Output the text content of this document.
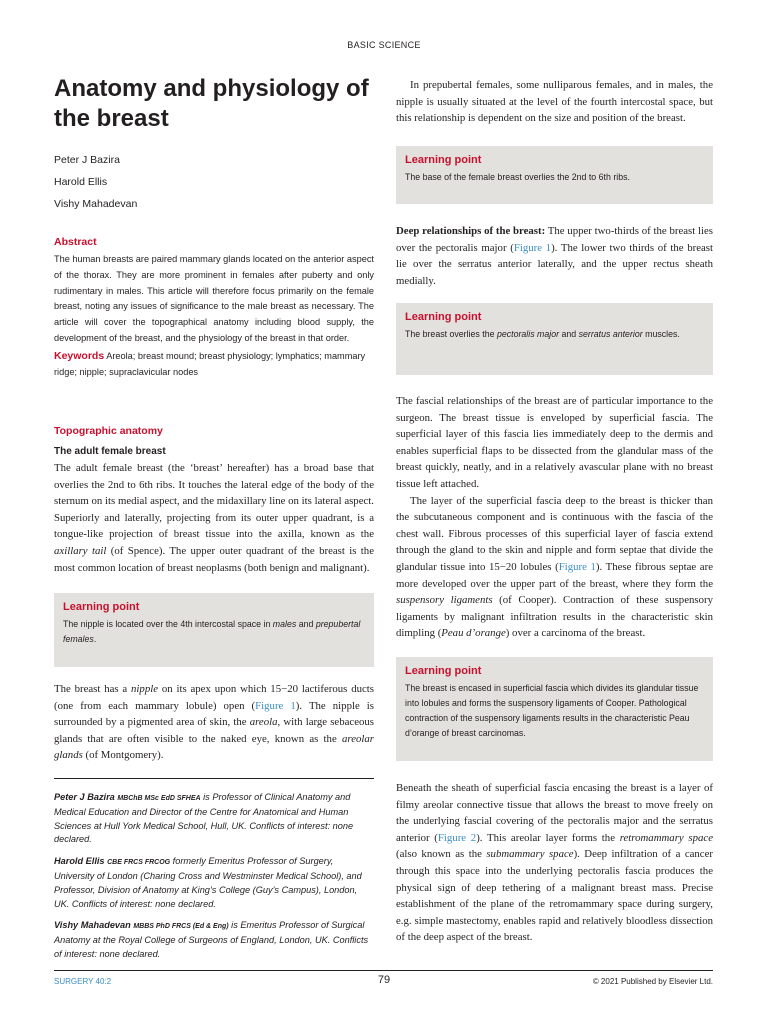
BASIC SCIENCE
Anatomy and physiology of the breast
Peter J Bazira
Harold Ellis
Vishy Mahadevan
Abstract

The human breasts are paired mammary glands located on the anterior aspect of the thorax. They are more prominent in females after puberty and only rudimentary in males. This article will therefore focus primarily on the female breast, noting any issues of significance to the male breast as necessary. The article will cover the topographical anatomy including blood supply, the development of the breast, and the physiology of the breast in that order.

Keywords Areola; breast mound; breast physiology; lymphatics; mammary ridge; nipple; supraclavicular nodes
Topographic anatomy
The adult female breast

The adult female breast (the ‘breast’ hereafter) has a broad base that overlies the 2nd to 6th ribs. It touches the lateral edge of the body of the sternum on its medial aspect, and the midaxillary line on its lateral aspect. Superiorly and laterally, projecting from its outer upper quadrant, is a tongue-like projection of breast tissue into the axilla, known as the axillary tail (of Spence). The upper outer quadrant of the breast is the most common location of breast neoplasms (both benign and malignant).

Learning point
The nipple is located over the 4th intercostal space in males and prepubertal females.

The breast has a nipple on its apex upon which 15−20 lactiferous ducts (one from each mammary lobule) open (Figure 1). The nipple is surrounded by a pigmented area of skin, the areola, with large sebaceous glands that are often visible to the naked eye, known as the areolar glands (of Montgomery).

Peter J Bazira MBChB MSc EdD SFHEA is Professor of Clinical Anatomy and Medical Education and Director of the Centre for Anatomical and Human Sciences at Hull York Medical School, Hull, UK. Conflicts of interest: none declared.
Harold Ellis CBE FRCS FRCOG formerly Emeritus Professor of Surgery, University of London (Charing Cross and Westminster Medical School), and Professor, Division of Anatomy at King’s College (Guy’s Campus), London, UK. Conflicts of interest: none declared.
Vishy Mahadevan MBBS PhD FRCS (Ed & Eng) is Emeritus Professor of Surgical Anatomy at the Royal College of Surgeons of England, London, UK. Conflicts of interest: none declared.

In prepubertal females, some nulliparous females, and in males, the nipple is usually situated at the level of the fourth intercostal space, but this relationship is dependent on the size and position of the breast.

Learning point
The base of the female breast overlies the 2nd to 6th ribs.

Deep relationships of the breast: The upper two-thirds of the breast lies over the pectoralis major (Figure 1). The lower two thirds of the breast lie over the serratus anterior laterally, and the upper rectus sheath medially.

Learning point
The breast overlies the pectoralis major and serratus anterior muscles.

The fascial relationships of the breast are of particular importance to the surgeon. The breast tissue is enveloped by superficial fascia. The superficial layer of this fascia lies immediately deep to the dermis and enables superficial flaps to be dissected from the glandular mass of the breast quickly, neatly, and in a relatively avascular plane with no breast tissue left attached.

The layer of the superficial fascia deep to the breast is thicker than the subcutaneous component and is continuous with the fascia of the chest wall. Fibrous processes of this superficial layer of fascia extend through the gland to the skin and nipple and form septae that divide the glandular tissue into 15−20 lobules (Figure 1). These fibrous septae are more developed over the upper part of the breast, where they form the suspensory ligaments (of Cooper). Contraction of these suspensory ligaments by malignant infiltration results in the characteristic skin dimpling (Peau d’orange) over a carcinoma of the breast.

Learning point
The breast is encased in superficial fascia which divides its glandular tissue into lobules and forms the suspensory ligaments of Cooper. Pathological contraction of the suspensory ligaments results in the characteristic Peau d’orange of breast carcinomas.

Beneath the sheath of superficial fascia encasing the breast is a layer of filmy areolar connective tissue that allows the breast to move freely on the underlying fascial covering of the pectoralis major and the serratus anterior (Figure 2). This areolar layer forms the retromammary space (also known as the submammary space). Deep infiltration of a cancer through this space into the underlying pectoralis fascia produces the physical sign of deep tethering of a malignant breast mass. Precise establishment of the plane of the retromammary space during surgery, e.g. simple mastectomy, enables rapid and relatively bloodless dissection of the deep aspect of the breast.

SURGERY 40:2	79	© 2021 Published by Elsevier Ltd.
